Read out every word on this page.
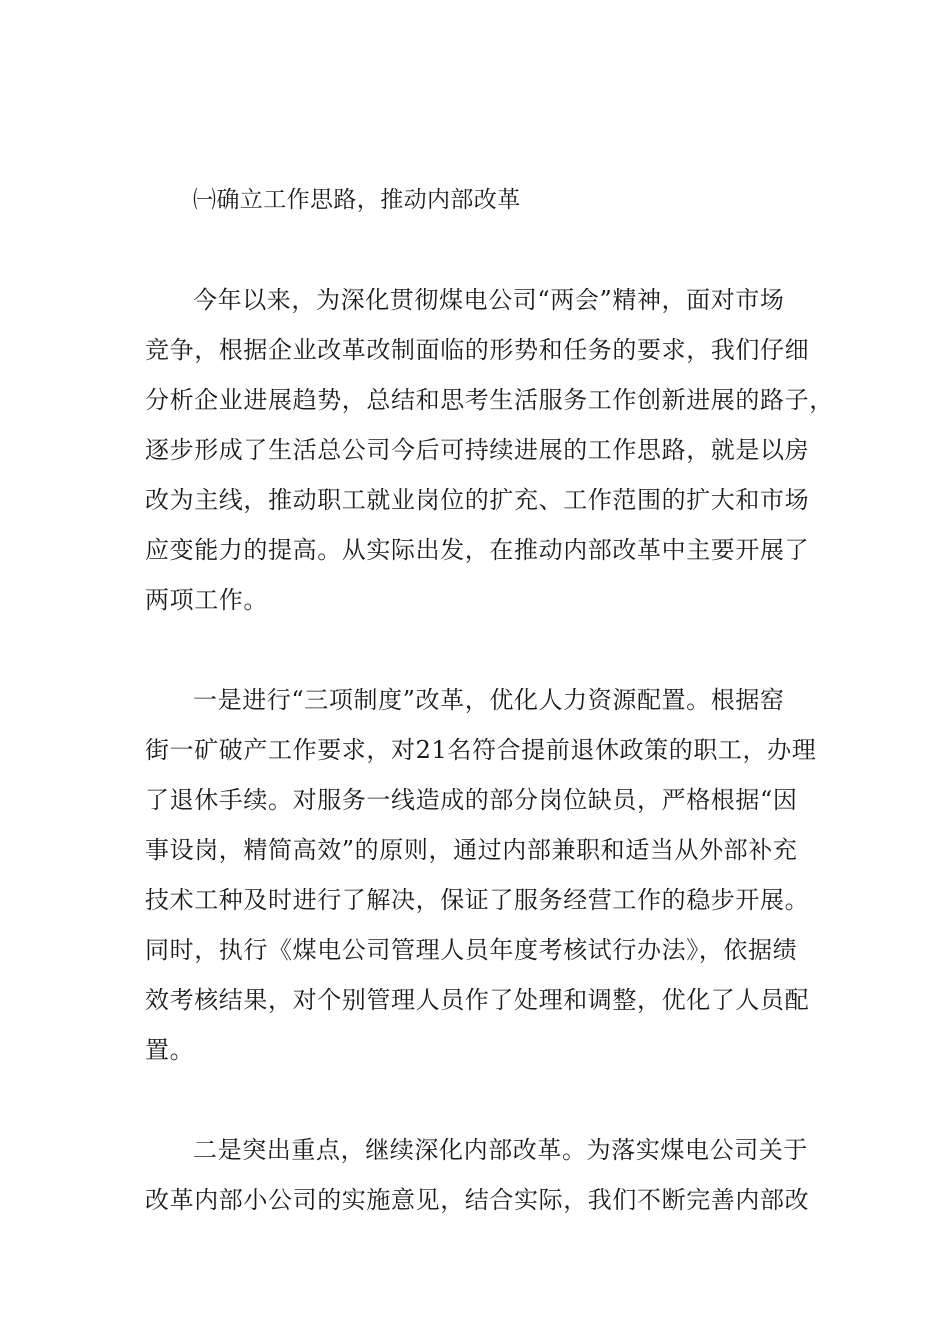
㈠确立工作思路，推动内部改革
今年以来，为深化贯彻煤电公司“两会”精神，面对市场
竞争，根据企业改革改制面临的形势和任务的要求，我们仔细
分析企业进展趋势，总结和思考生活服务工作创新进展的路子，
逐步形成了生活总公司今后可持续进展的工作思路，就是以房
改为主线，推动职工就业岗位的扩充、工作范围的扩大和市场
应变能力的提高。从实际出发，在推动内部改革中主要开展了
两项工作。
一是进行“三项制度”改革，优化人力资源配置。根据窑
街一矿破产工作要求，对21名符合提前退休政策的职工，办理
了退休手续。对服务一线造成的部分岗位缺员，严格根据“因
事设岗，精简高效”的原则，通过内部兼职和适当从外部补充
技术工种及时进行了解决，保证了服务经营工作的稳步开展。
同时，执行《煤电公司管理人员年度考核试行办法》，依据绩
效考核结果，对个别管理人员作了处理和调整，优化了人员配
置。
二是突出重点，继续深化内部改革。为落实煤电公司关于
改革内部小公司的实施意见，结合实际，我们不断完善内部改
